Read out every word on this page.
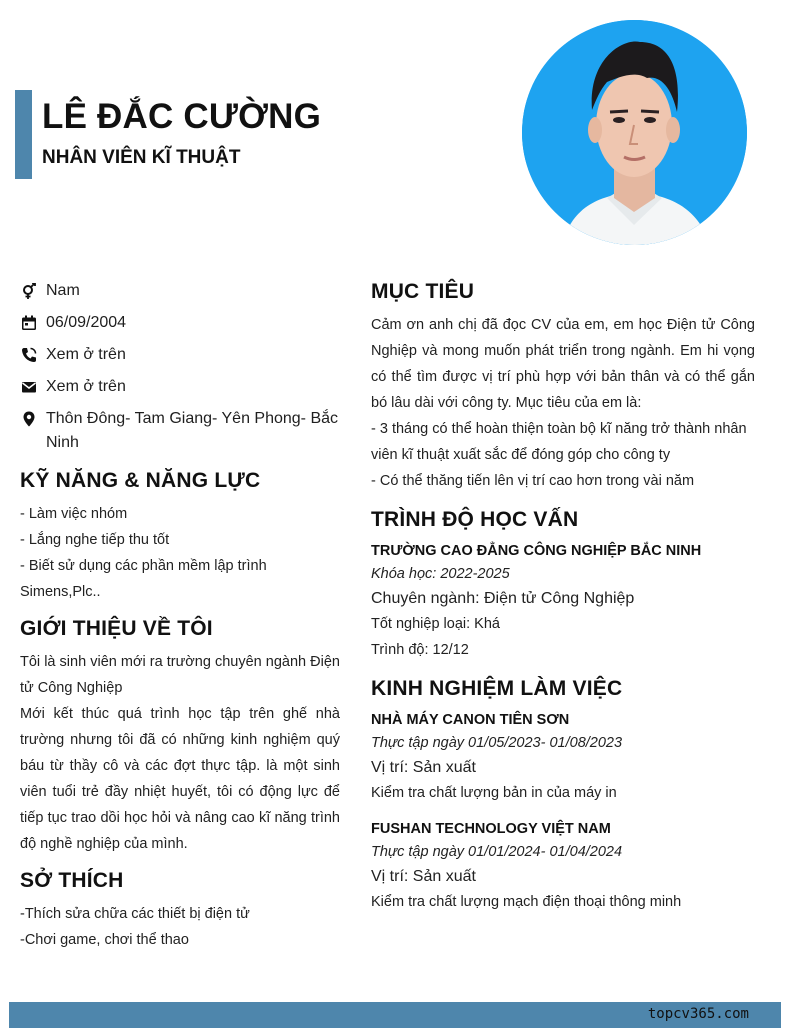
LÊ ĐẮC CƯỜNG
NHÂN VIÊN KĨ THUẬT
Nam
06/09/2004
Xem ở trên
Xem ở trên
Thôn Đông- Tam Giang- Yên Phong- Bắc Ninh
KỸ NĂNG & NĂNG LỰC
- Làm việc nhóm
- Lắng nghe tiếp thu tốt
- Biết sử dụng các phần mềm lập trình Simens,Plc..
GIỚI THIỆU VỀ TÔI
Tôi là sinh viên mới ra trường chuyên ngành Điện tử Công Nghiệp
Mới kết thúc quá trình học tập trên ghế nhà trường nhưng tôi đã có những kinh nghiệm quý báu từ thầy cô và các đợt thực tập. là một sinh viên tuổi trẻ đầy nhiệt huyết, tôi có động lực để tiếp tục trao dồi học hỏi và nâng cao kĩ năng trình độ nghề nghiệp của mình.
SỞ THÍCH
-Thích sửa chữa các thiết bị điện tử
-Chơi game, chơi thể thao
MỤC TIÊU
Cảm ơn anh chị đã đọc CV của em, em học Điện tử Công Nghiệp và mong muốn phát triển trong ngành. Em hi vọng có thể tìm được vị trí phù hợp với bản thân và có thể gắn bó lâu dài với công ty. Mục tiêu của em là:
- 3 tháng có thể hoàn thiện toàn bộ kĩ năng trở thành nhân viên kĩ thuật xuất sắc để đóng góp cho công ty
- Có thể thăng tiến lên vị trí cao hơn trong vài năm
TRÌNH ĐỘ HỌC VẤN
TRƯỜNG CAO ĐẲNG CÔNG NGHIỆP BẮC NINH
Khóa học: 2022-2025
Chuyên ngành: Điện tử Công Nghiệp
Tốt nghiệp loại: Khá
Trình độ: 12/12
KINH NGHIỆM LÀM VIỆC
NHÀ MÁY CANON TIÊN SƠN
Thực tập ngày 01/05/2023- 01/08/2023
Vị trí: Sản xuất
Kiểm tra chất lượng bản in của máy in
FUSHAN TECHNOLOGY VIỆT NAM
Thực tập ngày 01/01/2024- 01/04/2024
Vị trí: Sản xuất
Kiểm tra chất lượng mạch điện thoại thông minh
topcv365.com
